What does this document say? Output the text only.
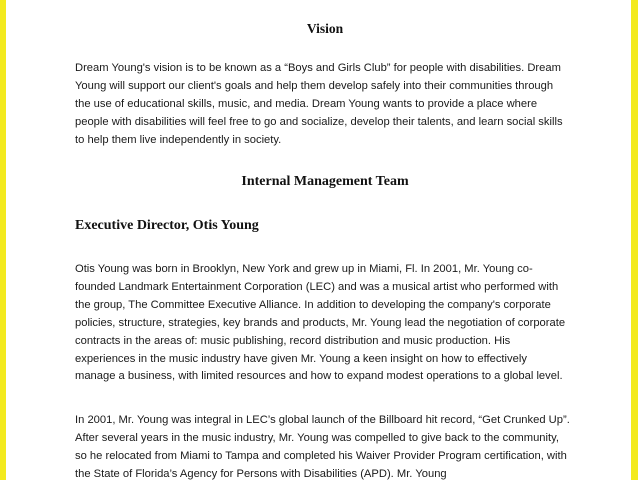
Vision

Dream Young's vision is to be known as a “Boys and Girls Club” for people with disabilities. Dream Young will support our client's goals and help them develop safely into their communities through the use of educational skills, music, and media. Dream Young wants to provide a place where people with disabilities will feel free to go and socialize, develop their talents, and learn social skills to help them live independently in society.

Internal Management Team
Executive Director, Otis Young

Otis Young was born in Brooklyn, New York and grew up in Miami, Fl. In 2001, Mr. Young co-founded Landmark Entertainment Corporation (LEC) and was a musical artist who performed with the group, The Committee Executive Alliance. In addition to developing the company's corporate policies, structure, strategies, key brands and products, Mr. Young lead the negotiation of corporate contracts in the areas of: music publishing, record distribution and music production. His experiences in the music industry have given Mr. Young a keen insight on how to effectively manage a business, with limited resources and how to expand modest operations to a global level.

In 2001, Mr. Young was integral in LEC’s global launch of the Billboard hit record, “Get Crunked Up”. After several years in the music industry, Mr. Young was compelled to give back to the community, so he relocated from Miami to Tampa and completed his Waiver Provider Program certification, with the State of Florida’s Agency for Persons with Disabilities (APD). Mr. Young
